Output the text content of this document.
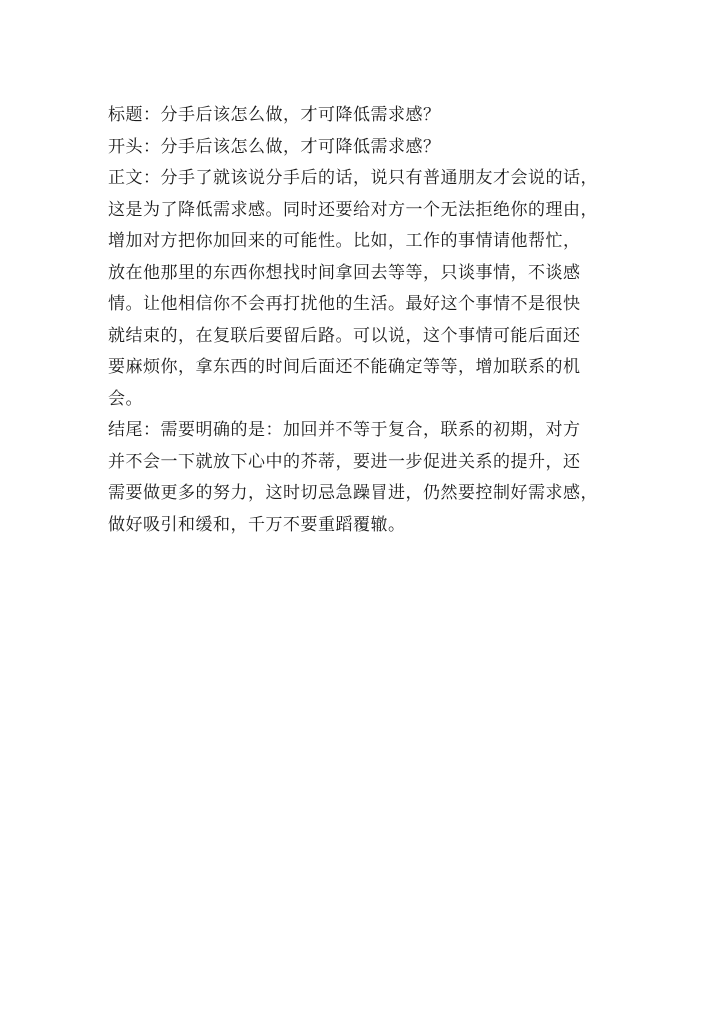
标题：分手后该怎么做，才可降低需求感？

开头：分手后该怎么做，才可降低需求感？

正文：分手了就该说分手后的话，说只有普通朋友才会说的话，
这是为了降低需求感。同时还要给对方一个无法拒绝你的理由，
增加对方把你加回来的可能性。比如，工作的事情请他帮忙，
放在他那里的东西你想找时间拿回去等等，只谈事情，不谈感
情。让他相信你不会再打扰他的生活。最好这个事情不是很快
就结束的，在复联后要留后路。可以说，这个事情可能后面还
要麻烦你，拿东西的时间后面还不能确定等等，增加联系的机
会。

结尾：需要明确的是：加回并不等于复合，联系的初期，对方
并不会一下就放下心中的芥蒂，要进一步促进关系的提升，还
需要做更多的努力，这时切忌急躁冒进，仍然要控制好需求感，
做好吸引和缓和，千万不要重蹈覆辙。
